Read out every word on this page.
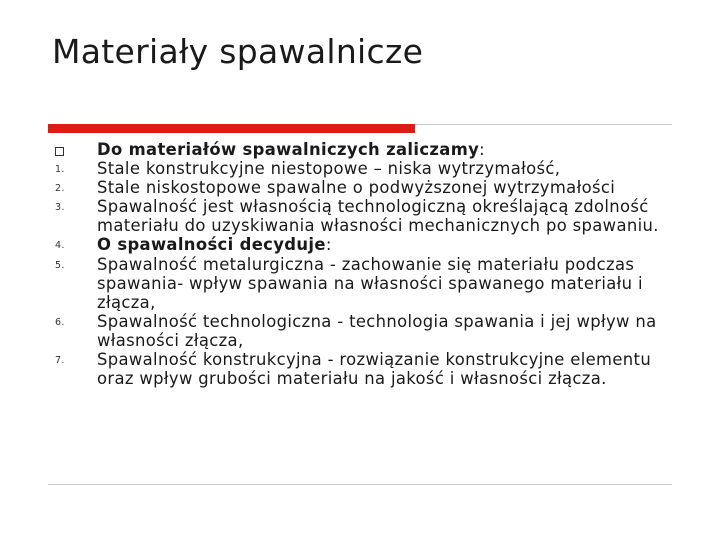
Materiały spawalnicze
Do materiałów spawalniczych zaliczamy:
1. Stale konstrukcyjne niestopowe – niska wytrzymałość,
2. Stale niskostopowe spawalne o podwyższonej wytrzymałości
3. Spawalność jest własnością technologiczną określającą zdolność materiału do uzyskiwania własności mechanicznych po spawaniu.
4. O spawalności decyduje:
5. Spawalność metalurgiczna - zachowanie się materiału podczas spawania- wpływ spawania na własności spawanego materiału i złącza,
6. Spawalność technologiczna - technologia spawania i jej wpływ na własności złącza,
7. Spawalność konstrukcyjna - rozwiązanie konstrukcyjne elementu oraz wpływ grubości materiału na jakość i własności złącza.
